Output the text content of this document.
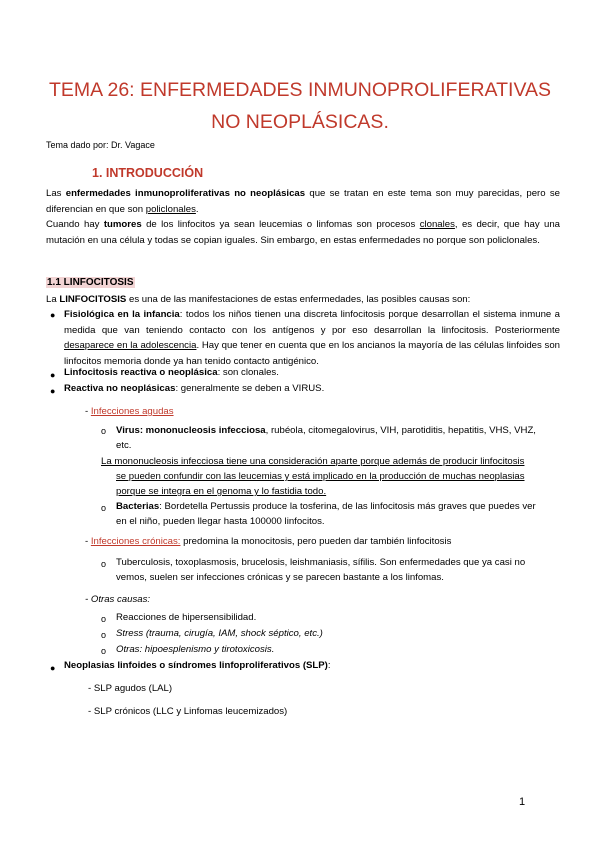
TEMA 26: ENFERMEDADES INMUNOPROLIFERATIVAS
NO NEOPLÁSICAS.
Tema dado por: Dr. Vagace
1. INTRODUCCIÓN
Las enfermedades inmunoproliferativas no neoplásicas que se tratan en este tema son muy parecidas, pero se diferencian en que son policlonales.
Cuando hay tumores de los linfocitos ya sean leucemias o linfomas son procesos clonales, es decir, que hay una mutación en una célula y todas se copian iguales. Sin embargo, en estas enfermedades no porque son policlonales.
1.1 LINFOCITOSIS
La LINFOCITOSIS es una de las manifestaciones de estas enfermedades, las posibles causas son:
● Fisiológica en la infancia: todos los niños tienen una discreta linfocitosis porque desarrollan el sistema inmune a medida que van teniendo contacto con los antígenos y por eso desarrollan la linfocitosis. Posteriormente desaparece en la adolescencia. Hay que tener en cuenta que en los ancianos la mayoría de las células linfoides son linfocitos memoria donde ya han tenido contacto antigénico.
● Linfocitosis reactiva o neoplásica: son clonales.
● Reactiva no neoplásicas: generalmente se deben a VIRUS.
- Infecciones agudas
o Virus: mononucleosis infecciosa, rubéola, citomegalovirus, VIH, parotiditis, hepatitis, VHS, VHZ,
etc.
La mononucleosis infecciosa tiene una consideración aparte porque además de producir linfocitosis
se pueden confundir con las leucemias y está implicado en la producción de muchas neoplasias
porque se integra en el genoma y lo fastidia todo.
o Bacterias: Bordetella Pertussis produce la tosferina, de las linfocitosis más graves que puedes ver
en el niño, pueden llegar hasta 100000 linfocitos.
- Infecciones crónicas: predomina la monocitosis, pero pueden dar también linfocitosis
o Tuberculosis, toxoplasmosis, brucelosis, leishmaniasis, sífilis. Son enfermedades que ya casi no
vemos, suelen ser infecciones crónicas y se parecen bastante a los linfomas.
- Otras causas:
o Reacciones de hipersensibilidad.
o Stress (trauma, cirugía, IAM, shock séptico, etc.)
o Otras: hipoesplenismo y tirotoxicosis.
● Neoplasias linfoides o síndromes linfoproliferativos (SLP):
- SLP agudos (LAL)
- SLP crónicos (LLC y Linfomas leucemizados)
1
